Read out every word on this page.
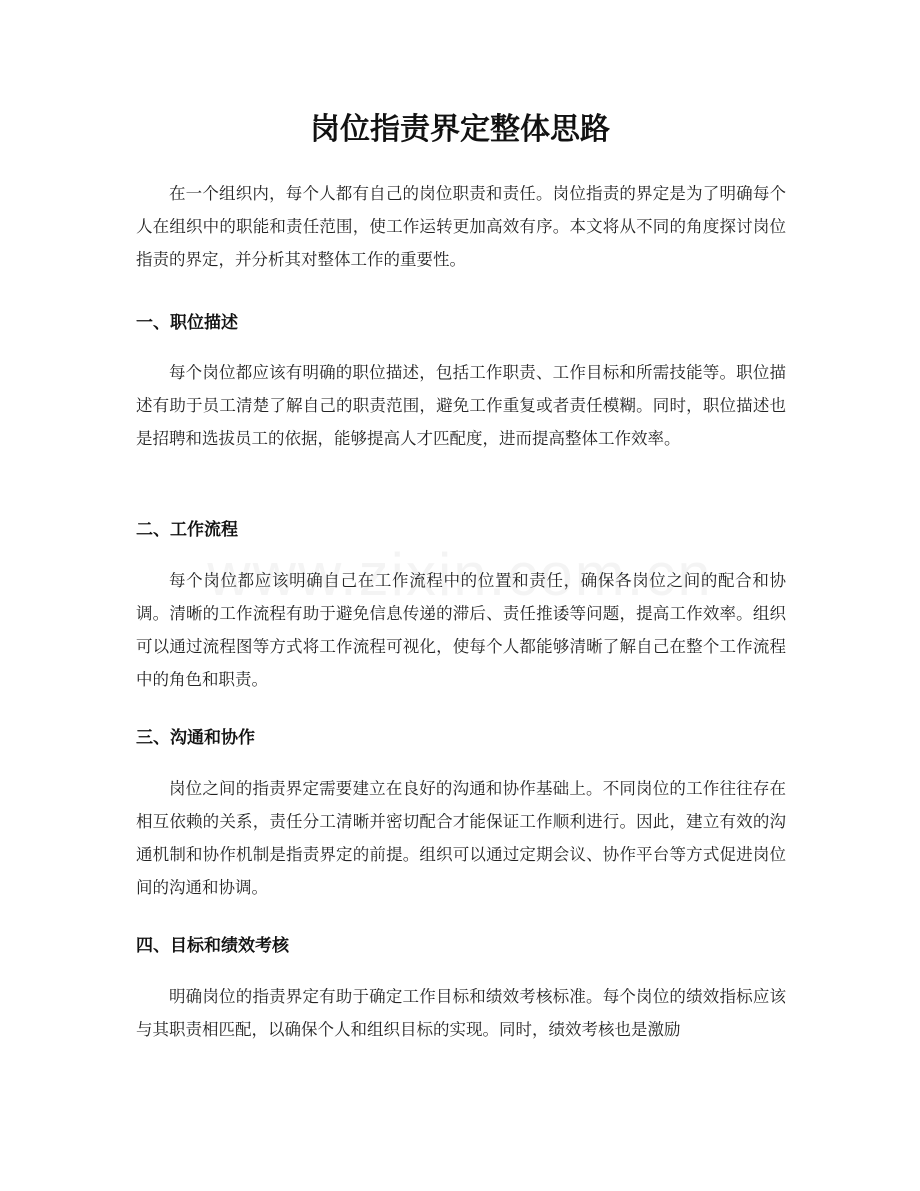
岗位指责界定整体思路

在一个组织内，每个人都有自己的岗位职责和责任。岗位指责的界定是为了明确每个人在组织中的职能和责任范围，使工作运转更加高效有序。本文将从不同的角度探讨岗位指责的界定，并分析其对整体工作的重要性。

一、职位描述

每个岗位都应该有明确的职位描述，包括工作职责、工作目标和所需技能等。职位描述有助于员工清楚了解自己的职责范围，避免工作重复或者责任模糊。同时，职位描述也是招聘和选拔员工的依据，能够提高人才匹配度，进而提高整体工作效率。

二、工作流程

每个岗位都应该明确自己在工作流程中的位置和责任，确保各岗位之间的配合和协调。清晰的工作流程有助于避免信息传递的滞后、责任推诿等问题，提高工作效率。组织可以通过流程图等方式将工作流程可视化，使每个人都能够清晰了解自己在整个工作流程中的角色和职责。

三、沟通和协作

岗位之间的指责界定需要建立在良好的沟通和协作基础上。不同岗位的工作往往存在相互依赖的关系，责任分工清晰并密切配合才能保证工作顺利进行。因此，建立有效的沟通机制和协作机制是指责界定的前提。组织可以通过定期会议、协作平台等方式促进岗位间的沟通和协调。

四、目标和绩效考核

明确岗位的指责界定有助于确定工作目标和绩效考核标准。每个岗位的绩效指标应该与其职责相匹配，以确保个人和组织目标的实现。同时，绩效考核也是激励
